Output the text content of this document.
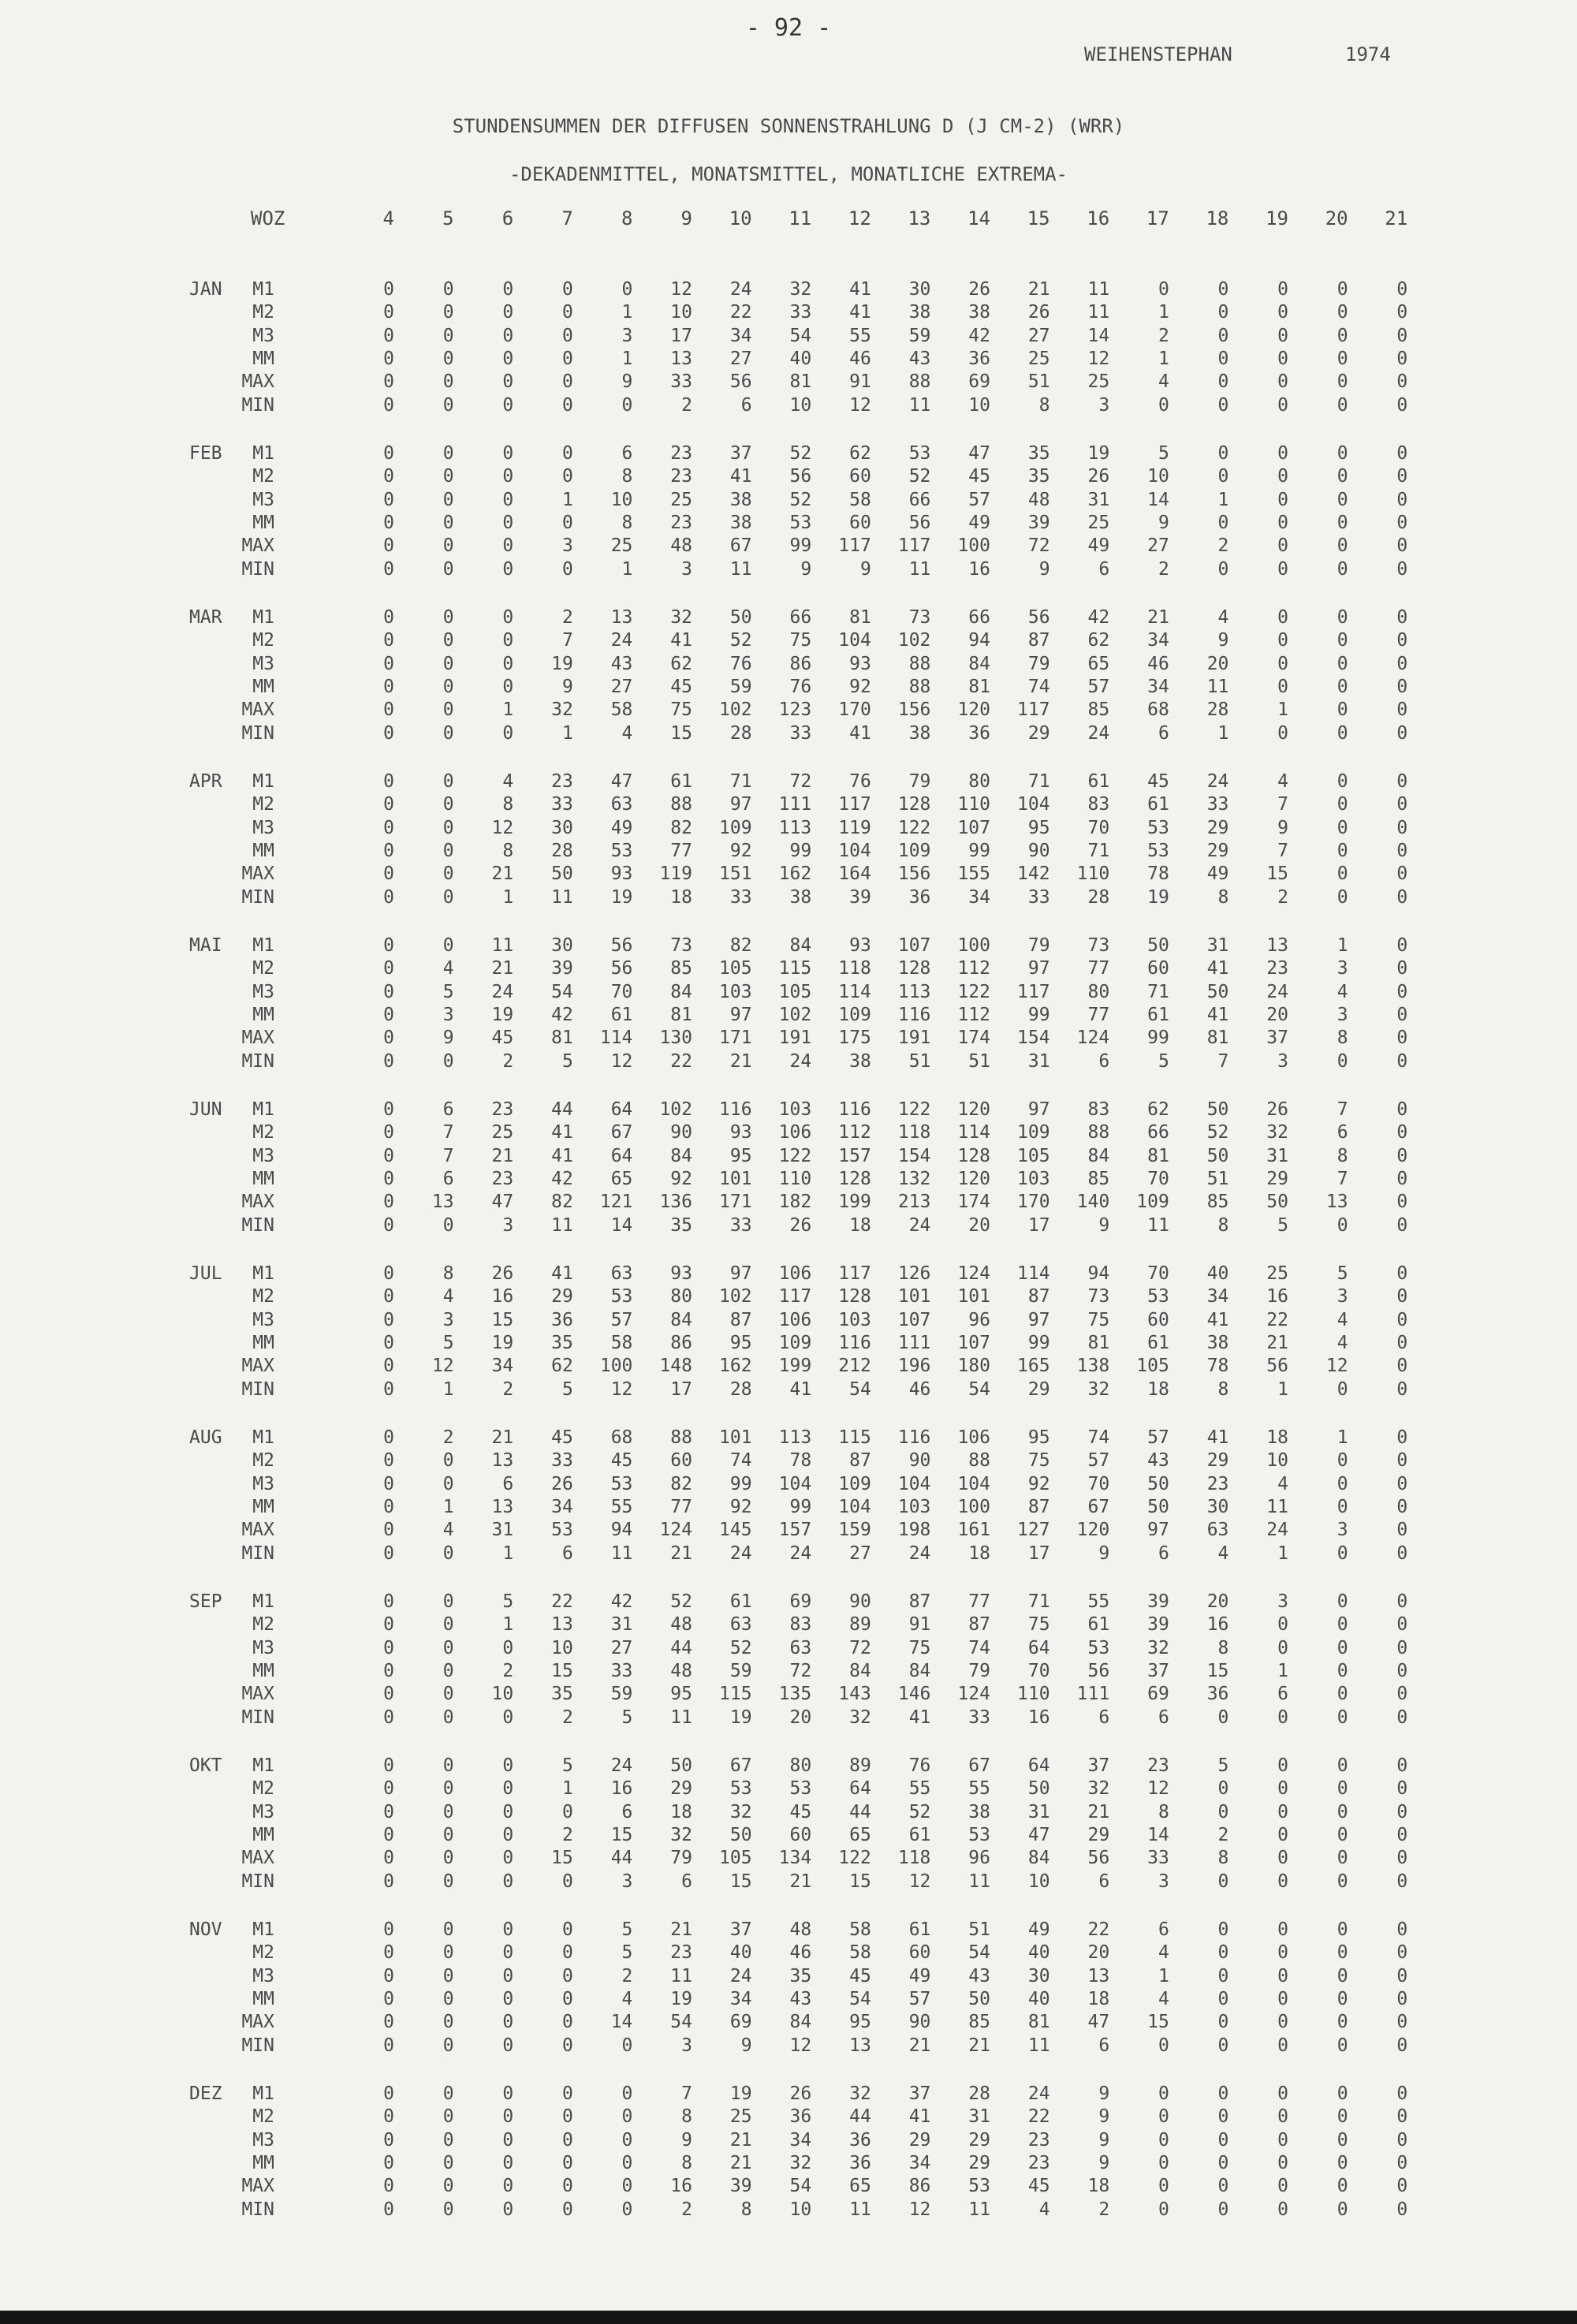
- 92 -
WEIHENSTEPHAN	1974
STUNDENSUMMEN DER DIFFUSEN SONNENSTRAHLUNG D (J CM-2) (WRR)
-DEKADENMITTEL, MONATSMITTEL, MONATLICHE EXTREMA-
WOZ	4	5	6	7	8	9	10	11	12	13	14	15	16	17	18	19	20	21
JAN	M1	0	0	0	0	0	12	24	32	41	30	26	21	11	0	0	0	0	0
M2	0	0	0	0	1	10	22	33	41	38	38	26	11	1	0	0	0	0
M3	0	0	0	0	3	17	34	54	55	59	42	27	14	2	0	0	0	0
MM	0	0	0	0	1	13	27	40	46	43	36	25	12	1	0	0	0	0
MAX	0	0	0	0	9	33	56	81	91	88	69	51	25	4	0	0	0	0
MIN	0	0	0	0	0	2	6	10	12	11	10	8	3	0	0	0	0	0
FEB	M1	0	0	0	0	6	23	37	52	62	53	47	35	19	5	0	0	0	0
M2	0	0	0	0	8	23	41	56	60	52	45	35	26	10	0	0	0	0
M3	0	0	0	1	10	25	38	52	58	66	57	48	31	14	1	0	0	0
MM	0	0	0	0	8	23	38	53	60	56	49	39	25	9	0	0	0	0
MAX	0	0	0	3	25	48	67	99	117	117	100	72	49	27	2	0	0	0
MIN	0	0	0	0	1	3	11	9	9	11	16	9	6	2	0	0	0	0
MAR	M1	0	0	0	2	13	32	50	66	81	73	66	56	42	21	4	0	0	0
M2	0	0	0	7	24	41	52	75	104	102	94	87	62	34	9	0	0	0
M3	0	0	0	19	43	62	76	86	93	88	84	79	65	46	20	0	0	0
MM	0	0	0	9	27	45	59	76	92	88	81	74	57	34	11	0	0	0
MAX	0	0	1	32	58	75	102	123	170	156	120	117	85	68	28	1	0	0
MIN	0	0	0	1	4	15	28	33	41	38	36	29	24	6	1	0	0	0
APR	M1	0	0	4	23	47	61	71	72	76	79	80	71	61	45	24	4	0	0
M2	0	0	8	33	63	88	97	111	117	128	110	104	83	61	33	7	0	0
M3	0	0	12	30	49	82	109	113	119	122	107	95	70	53	29	9	0	0
MM	0	0	8	28	53	77	92	99	104	109	99	90	71	53	29	7	0	0
MAX	0	0	21	50	93	119	151	162	164	156	155	142	110	78	49	15	0	0
MIN	0	0	1	11	19	18	33	38	39	36	34	33	28	19	8	2	0	0
MAI	M1	0	0	11	30	56	73	82	84	93	107	100	79	73	50	31	13	1	0
M2	0	4	21	39	56	85	105	115	118	128	112	97	77	60	41	23	3	0
M3	0	5	24	54	70	84	103	105	114	113	122	117	80	71	50	24	4	0
MM	0	3	19	42	61	81	97	102	109	116	112	99	77	61	41	20	3	0
MAX	0	9	45	81	114	130	171	191	175	191	174	154	124	99	81	37	8	0
MIN	0	0	2	5	12	22	21	24	38	51	51	31	6	5	7	3	0	0
JUN	M1	0	6	23	44	64	102	116	103	116	122	120	97	83	62	50	26	7	0
M2	0	7	25	41	67	90	93	106	112	118	114	109	88	66	52	32	6	0
M3	0	7	21	41	64	84	95	122	157	154	128	105	84	81	50	31	8	0
MM	0	6	23	42	65	92	101	110	128	132	120	103	85	70	51	29	7	0
MAX	0	13	47	82	121	136	171	182	199	213	174	170	140	109	85	50	13	0
MIN	0	0	3	11	14	35	33	26	18	24	20	17	9	11	8	5	0	0
JUL	M1	0	8	26	41	63	93	97	106	117	126	124	114	94	70	40	25	5	0
M2	0	4	16	29	53	80	102	117	128	101	101	87	73	53	34	16	3	0
M3	0	3	15	36	57	84	87	106	103	107	96	97	75	60	41	22	4	0
MM	0	5	19	35	58	86	95	109	116	111	107	99	81	61	38	21	4	0
MAX	0	12	34	62	100	148	162	199	212	196	180	165	138	105	78	56	12	0
MIN	0	1	2	5	12	17	28	41	54	46	54	29	32	18	8	1	0	0
AUG	M1	0	2	21	45	68	88	101	113	115	116	106	95	74	57	41	18	1	0
M2	0	0	13	33	45	60	74	78	87	90	88	75	57	43	29	10	0	0
M3	0	0	6	26	53	82	99	104	109	104	104	92	70	50	23	4	0	0
MM	0	1	13	34	55	77	92	99	104	103	100	87	67	50	30	11	0	0
MAX	0	4	31	53	94	124	145	157	159	198	161	127	120	97	63	24	3	0
MIN	0	0	1	6	11	21	24	24	27	24	18	17	9	6	4	1	0	0
SEP	M1	0	0	5	22	42	52	61	69	90	87	77	71	55	39	20	3	0	0
M2	0	0	1	13	31	48	63	83	89	91	87	75	61	39	16	0	0	0
M3	0	0	0	10	27	44	52	63	72	75	74	64	53	32	8	0	0	0
MM	0	0	2	15	33	48	59	72	84	84	79	70	56	37	15	1	0	0
MAX	0	0	10	35	59	95	115	135	143	146	124	110	111	69	36	6	0	0
MIN	0	0	0	2	5	11	19	20	32	41	33	16	6	6	0	0	0	0
OKT	M1	0	0	0	5	24	50	67	80	89	76	67	64	37	23	5	0	0	0
M2	0	0	0	1	16	29	53	53	64	55	55	50	32	12	0	0	0	0
M3	0	0	0	0	6	18	32	45	44	52	38	31	21	8	0	0	0	0
MM	0	0	0	2	15	32	50	60	65	61	53	47	29	14	2	0	0	0
MAX	0	0	0	15	44	79	105	134	122	118	96	84	56	33	8	0	0	0
MIN	0	0	0	0	3	6	15	21	15	12	11	10	6	3	0	0	0	0
NOV	M1	0	0	0	0	5	21	37	48	58	61	51	49	22	6	0	0	0	0
M2	0	0	0	0	5	23	40	46	58	60	54	40	20	4	0	0	0	0
M3	0	0	0	0	2	11	24	35	45	49	43	30	13	1	0	0	0	0
MM	0	0	0	0	4	19	34	43	54	57	50	40	18	4	0	0	0	0
MAX	0	0	0	0	14	54	69	84	95	90	85	81	47	15	0	0	0	0
MIN	0	0	0	0	0	3	9	12	13	21	21	11	6	0	0	0	0	0
DEZ	M1	0	0	0	0	0	7	19	26	32	37	28	24	9	0	0	0	0	0
M2	0	0	0	0	0	8	25	36	44	41	31	22	9	0	0	0	0	0
M3	0	0	0	0	0	9	21	34	36	29	29	23	9	0	0	0	0	0
MM	0	0	0	0	0	8	21	32	36	34	29	23	9	0	0	0	0	0
MAX	0	0	0	0	0	16	39	54	65	86	53	45	18	0	0	0	0	0
MIN	0	0	0	0	0	2	8	10	11	12	11	4	2	0	0	0	0	0
